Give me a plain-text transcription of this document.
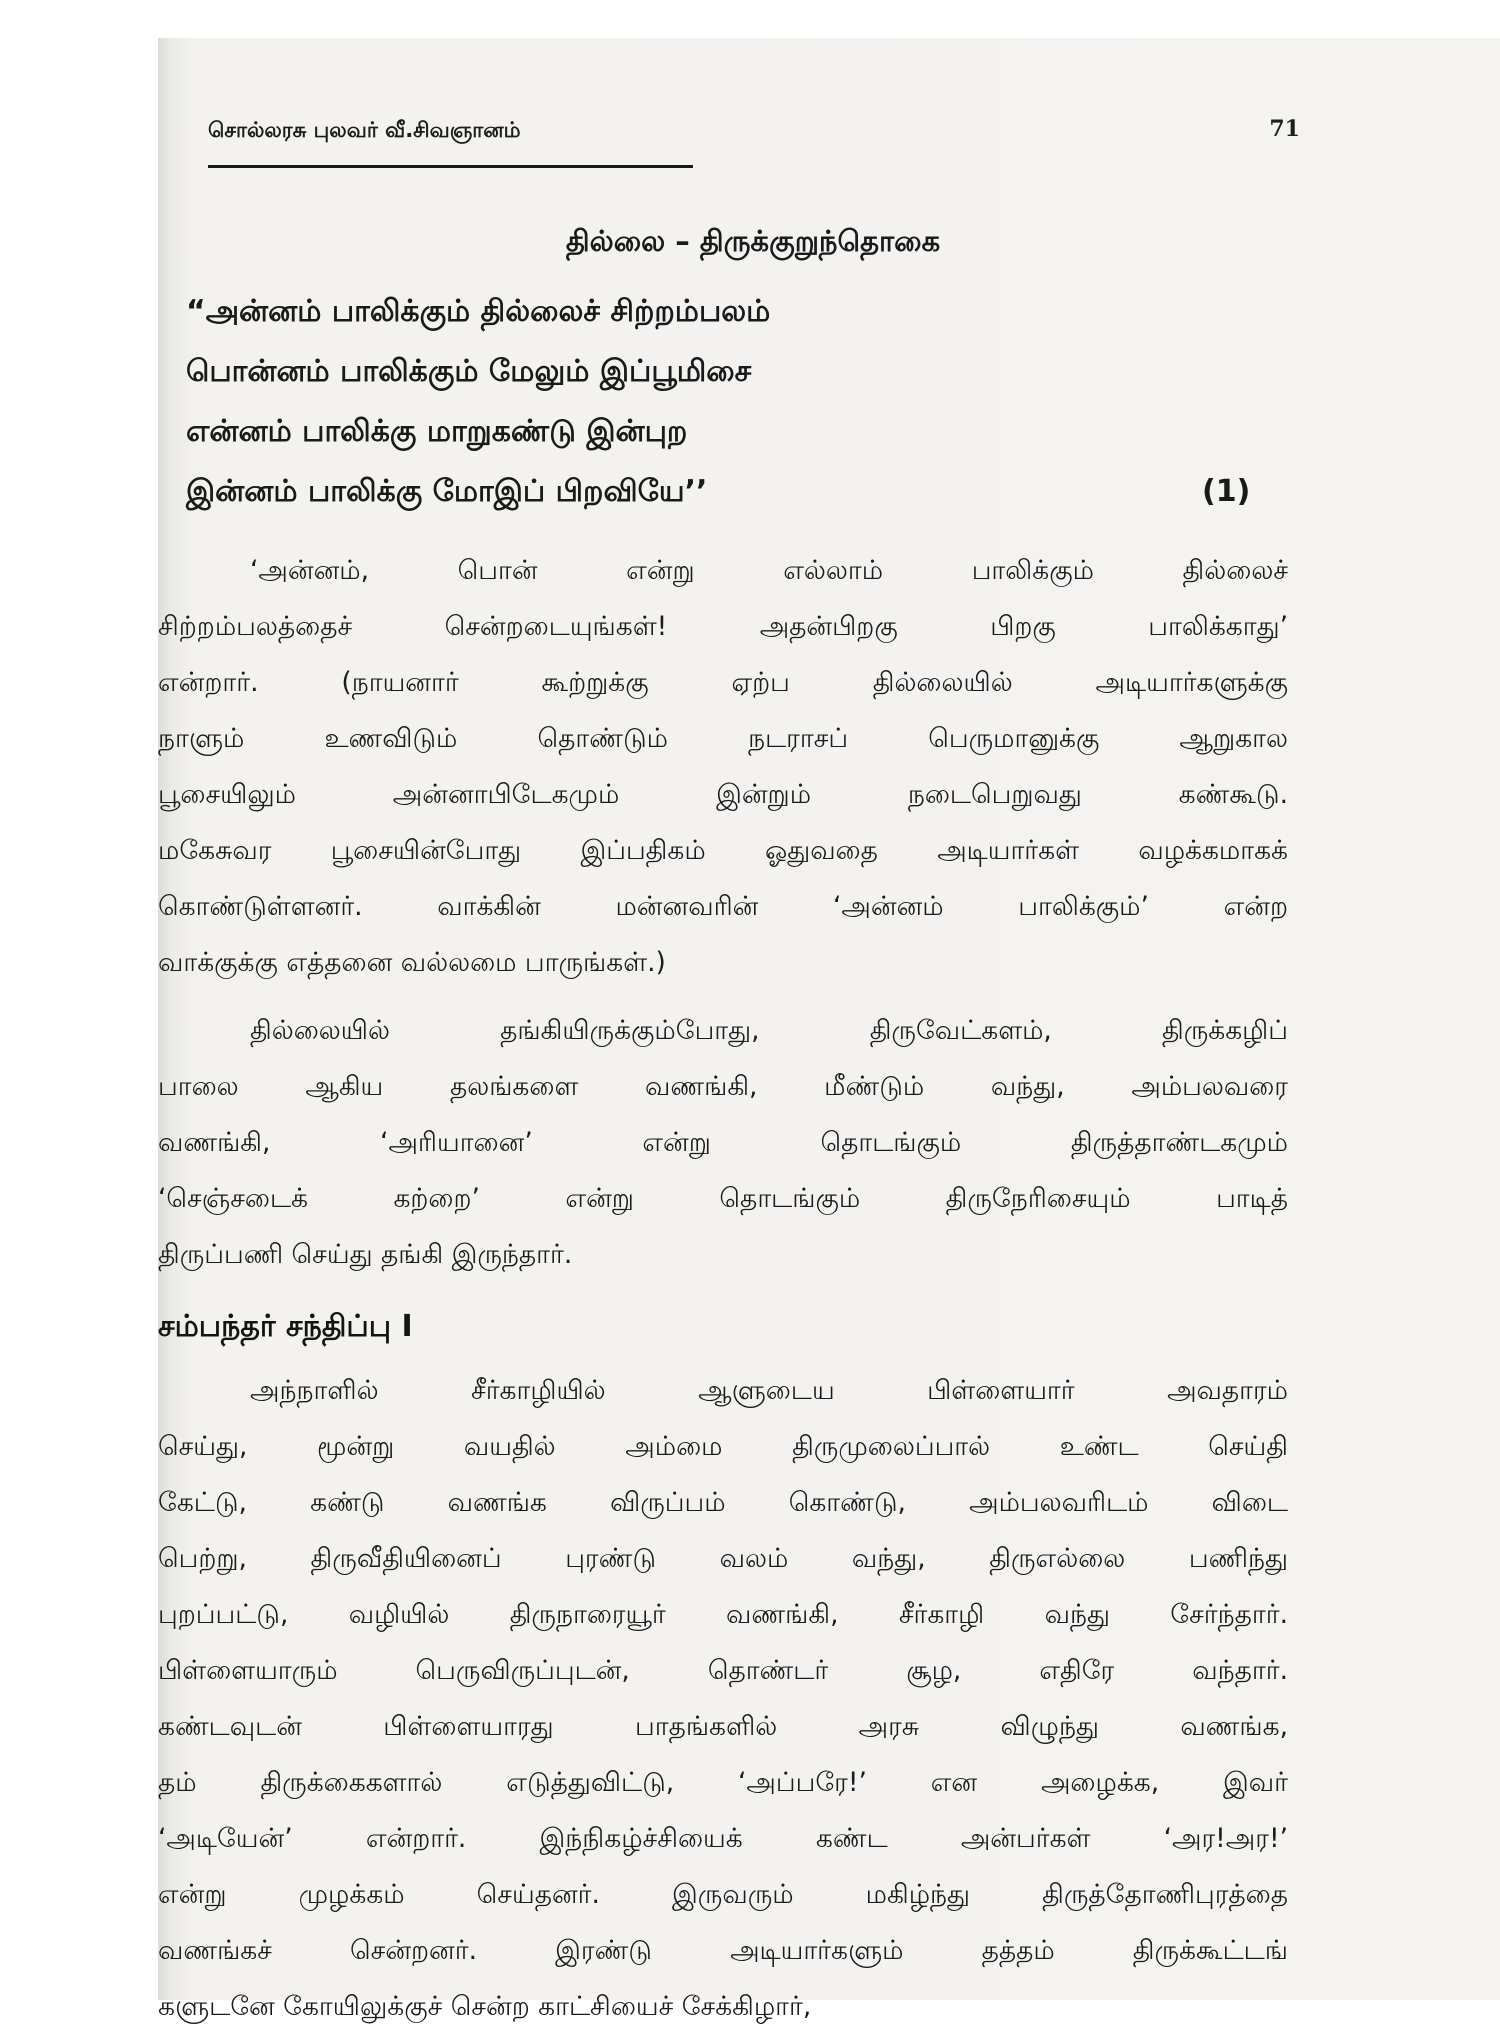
சொல்லரசு புலவர் வீ.சிவஞானம்	71
தில்லை – திருக்குறுந்தொகை
“அன்னம் பாலிக்கும் தில்லைச் சிற்றம்பலம்
பொன்னம் பாலிக்கும் மேலும் இப்பூமிசை
என்னம் பாலிக்கு மாறுகண்டு இன்புற
இன்னம் பாலிக்கு மோஇப் பிறவியே’’	(1)
‘அன்னம், பொன் என்று எல்லாம் பாலிக்கும் தில்லைச்
சிற்றம்பலத்தைச் சென்றடையுங்கள்! அதன்பிறகு பிறகு பாலிக்காது’
என்றார். (நாயனார் கூற்றுக்கு ஏற்ப தில்லையில் அடியார்களுக்கு
நாளும் உணவிடும் தொண்டும் நடராசப் பெருமானுக்கு ஆறுகால
பூசையிலும் அன்னாபிடேகமும் இன்றும் நடைபெறுவது கண்கூடு.
மகேசுவர பூசையின்போது இப்பதிகம் ஓதுவதை அடியார்கள் வழக்கமாகக்
கொண்டுள்ளனர். வாக்கின் மன்னவரின் ‘அன்னம் பாலிக்கும்’ என்ற
வாக்குக்கு எத்தனை வல்லமை பாருங்கள்.)
தில்லையில் தங்கியிருக்கும்போது, திருவேட்களம், திருக்கழிப்
பாலை ஆகிய தலங்களை வணங்கி, மீண்டும் வந்து, அம்பலவரை
வணங்கி, ‘அரியானை’ என்று தொடங்கும் திருத்தாண்டகமும்
‘செஞ்சடைக் கற்றை’ என்று தொடங்கும் திருநேரிசையும் பாடித்
திருப்பணி செய்து தங்கி இருந்தார்.
சம்பந்தர் சந்திப்பு I
அந்நாளில் சீர்காழியில் ஆளுடைய பிள்ளையார் அவதாரம்
செய்து, மூன்று வயதில் அம்மை திருமுலைப்பால் உண்ட செய்தி
கேட்டு, கண்டு வணங்க விருப்பம் கொண்டு, அம்பலவரிடம் விடை
பெற்று, திருவீதியினைப் புரண்டு வலம் வந்து, திருஎல்லை பணிந்து
புறப்பட்டு, வழியில் திருநாரையூர் வணங்கி, சீர்காழி வந்து சேர்ந்தார்.
பிள்ளையாரும் பெருவிருப்புடன், தொண்டர் சூழ, எதிரே வந்தார்.
கண்டவுடன் பிள்ளையாரது பாதங்களில் அரசு விழுந்து வணங்க,
தம் திருக்கைகளால் எடுத்துவிட்டு, ‘அப்பரே!’ என அழைக்க, இவர்
‘அடியேன்’ என்றார். இந்நிகழ்ச்சியைக் கண்ட அன்பர்கள் ‘அர!அர!’
என்று முழக்கம் செய்தனர். இருவரும் மகிழ்ந்து திருத்தோணிபுரத்தை
வணங்கச் சென்றனர். இரண்டு அடியார்களும் தத்தம் திருக்கூட்டங்
களுடனே கோயிலுக்குச் சென்ற காட்சியைச் சேக்கிழார்,
